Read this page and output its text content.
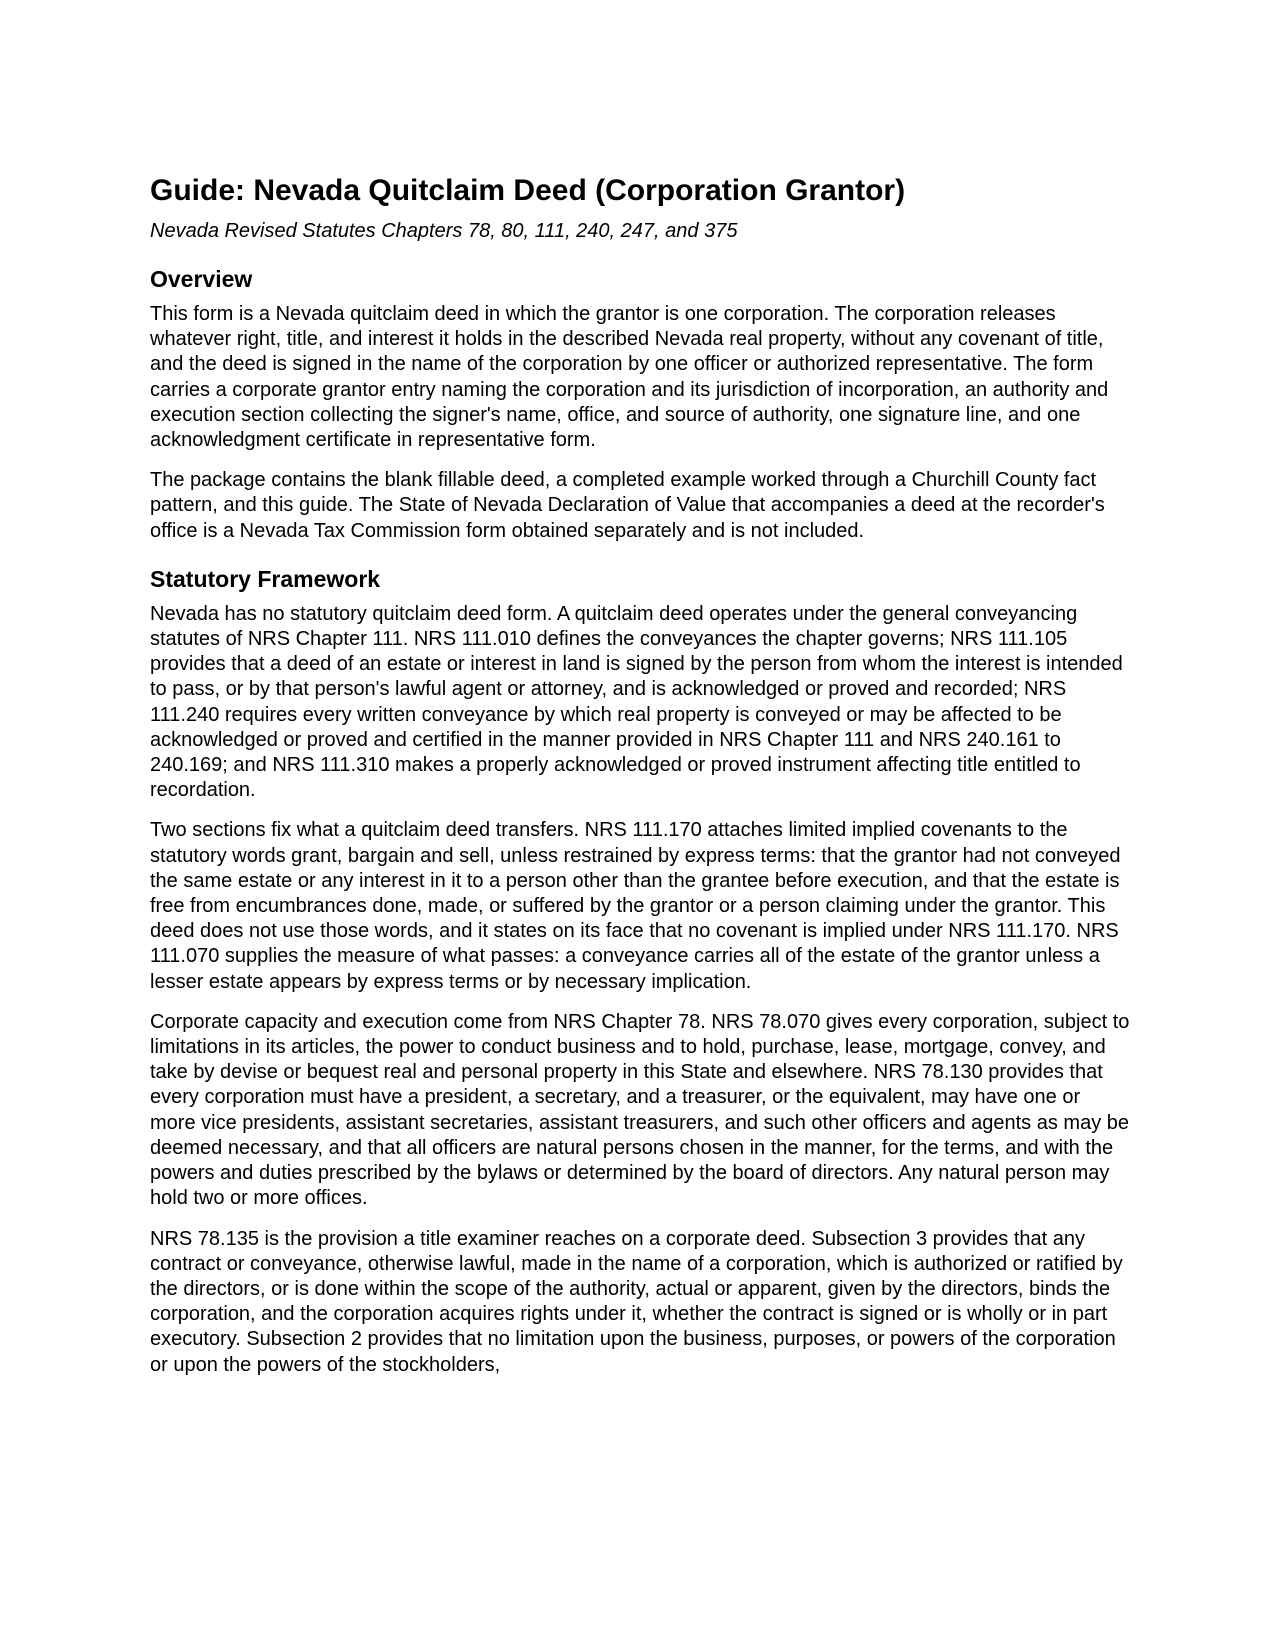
Guide: Nevada Quitclaim Deed (Corporation Grantor)

Nevada Revised Statutes Chapters 78, 80, 111, 240, 247, and 375

Overview

This form is a Nevada quitclaim deed in which the grantor is one corporation. The corporation releases whatever right, title, and interest it holds in the described Nevada real property, without any covenant of title, and the deed is signed in the name of the corporation by one officer or authorized representative. The form carries a corporate grantor entry naming the corporation and its jurisdiction of incorporation, an authority and execution section collecting the signer's name, office, and source of authority, one signature line, and one acknowledgment certificate in representative form.

The package contains the blank fillable deed, a completed example worked through a Churchill County fact pattern, and this guide. The State of Nevada Declaration of Value that accompanies a deed at the recorder's office is a Nevada Tax Commission form obtained separately and is not included.

Statutory Framework

Nevada has no statutory quitclaim deed form. A quitclaim deed operates under the general conveyancing statutes of NRS Chapter 111. NRS 111.010 defines the conveyances the chapter governs; NRS 111.105 provides that a deed of an estate or interest in land is signed by the person from whom the interest is intended to pass, or by that person's lawful agent or attorney, and is acknowledged or proved and recorded; NRS 111.240 requires every written conveyance by which real property is conveyed or may be affected to be acknowledged or proved and certified in the manner provided in NRS Chapter 111 and NRS 240.161 to 240.169; and NRS 111.310 makes a properly acknowledged or proved instrument affecting title entitled to recordation.

Two sections fix what a quitclaim deed transfers. NRS 111.170 attaches limited implied covenants to the statutory words grant, bargain and sell, unless restrained by express terms: that the grantor had not conveyed the same estate or any interest in it to a person other than the grantee before execution, and that the estate is free from encumbrances done, made, or suffered by the grantor or a person claiming under the grantor. This deed does not use those words, and it states on its face that no covenant is implied under NRS 111.170. NRS 111.070 supplies the measure of what passes: a conveyance carries all of the estate of the grantor unless a lesser estate appears by express terms or by necessary implication.

Corporate capacity and execution come from NRS Chapter 78. NRS 78.070 gives every corporation, subject to limitations in its articles, the power to conduct business and to hold, purchase, lease, mortgage, convey, and take by devise or bequest real and personal property in this State and elsewhere. NRS 78.130 provides that every corporation must have a president, a secretary, and a treasurer, or the equivalent, may have one or more vice presidents, assistant secretaries, assistant treasurers, and such other officers and agents as may be deemed necessary, and that all officers are natural persons chosen in the manner, for the terms, and with the powers and duties prescribed by the bylaws or determined by the board of directors. Any natural person may hold two or more offices.

NRS 78.135 is the provision a title examiner reaches on a corporate deed. Subsection 3 provides that any contract or conveyance, otherwise lawful, made in the name of a corporation, which is authorized or ratified by the directors, or is done within the scope of the authority, actual or apparent, given by the directors, binds the corporation, and the corporation acquires rights under it, whether the contract is signed or is wholly or in part executory. Subsection 2 provides that no limitation upon the business, purposes, or powers of the corporation or upon the powers of the stockholders,
